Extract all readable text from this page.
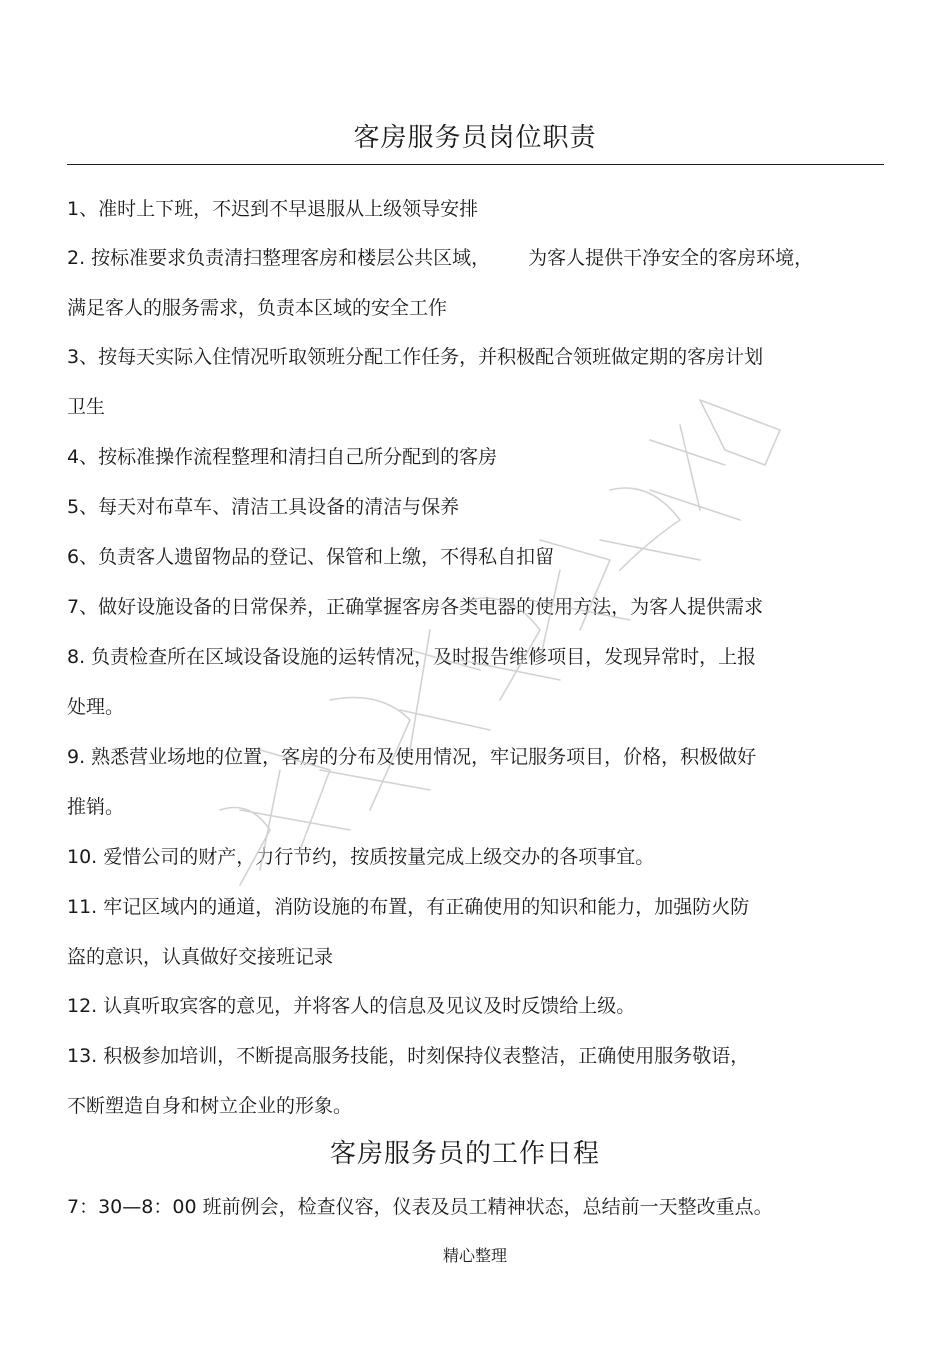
客房服务员岗位职责
1、准时上下班，不迟到不早退服从上级领导安排
2. 按标准要求负责清扫整理客房和楼层公共区域， 为客人提供干净安全的客房环境，
满足客人的服务需求，负责本区域的安全工作
3、按每天实际入住情况听取领班分配工作任务，并积极配合领班做定期的客房计划
卫生
4、按标准操作流程整理和清扫自己所分配到的客房
5、每天对布草车、清洁工具设备的清洁与保养
6、负责客人遗留物品的登记、保管和上缴，不得私自扣留
7、做好设施设备的日常保养，正确掌握客房各类电器的使用方法，为客人提供需求
8. 负责检查所在区域设备设施的运转情况，及时报告维修项目，发现异常时，上报
处理。
9. 熟悉营业场地的位置，客房的分布及使用情况，牢记服务项目，价格，积极做好
推销。
10. 爱惜公司的财产，力行节约，按质按量完成上级交办的各项事宜。
11. 牢记区域内的通道，消防设施的布置，有正确使用的知识和能力，加强防火防
盗的意识，认真做好交接班记录
12. 认真听取宾客的意见，并将客人的信息及见议及时反馈给上级。
13. 积极参加培训，不断提高服务技能，时刻保持仪表整洁，正确使用服务敬语，
不断塑造自身和树立企业的形象。
客房服务员的工作日程
7：30—8：00 班前例会，检查仪容，仪表及员工精神状态，总结前一天整改重点。
精心整理
